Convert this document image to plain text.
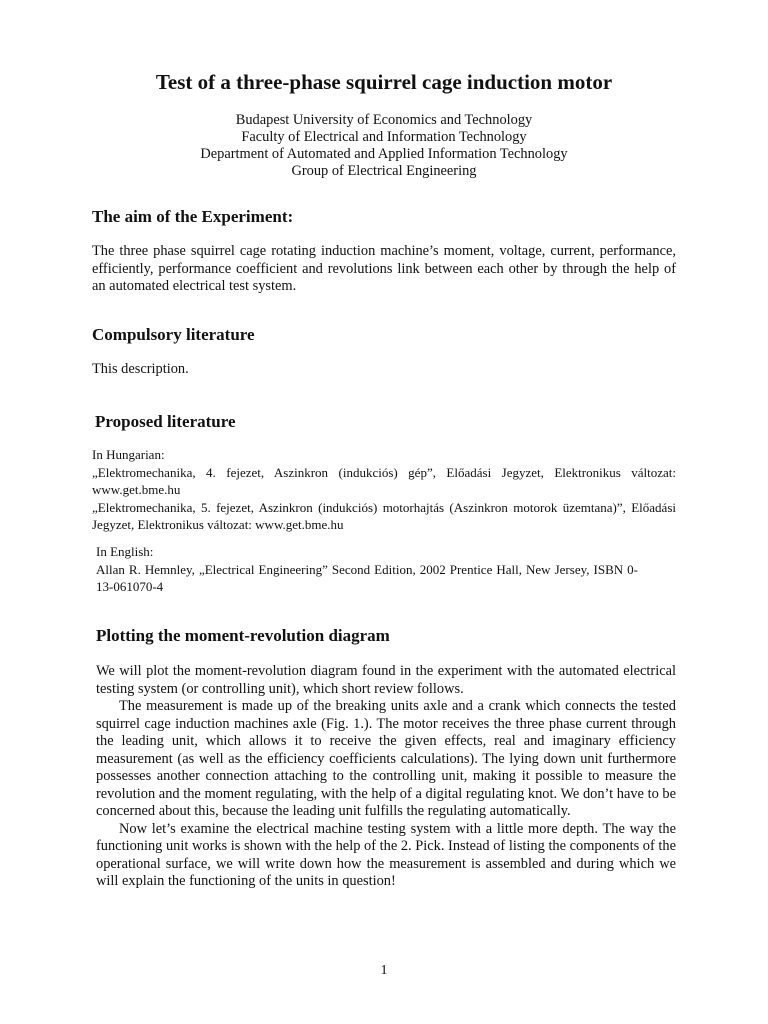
Test of a three-phase squirrel cage induction motor
Budapest University of Economics and Technology
Faculty of Electrical and Information Technology
Department of Automated and Applied Information Technology
Group of Electrical Engineering
The aim of the Experiment:

The three phase squirrel cage rotating induction machine’s moment, voltage, current, performance, efficiently, performance coefficient and revolutions link between each other by through the help of an automated electrical test system.

Compulsory literature

This description.

Proposed literature
In Hungarian:
„Elektromechanika, 4. fejezet, Aszinkron (indukciós) gép”, Előadási Jegyzet, Elektronikus változat: www.get.bme.hu
„Elektromechanika, 5. fejezet, Aszinkron (indukciós) motorhajtás (Aszinkron motorok üzemtana)”, Előadási Jegyzet, Elektronikus változat: www.get.bme.hu
In English:
Allan R. Hemnley, „Electrical Engineering” Second Edition, 2002 Prentice Hall, New Jersey, ISBN 0-13-061070-4
Plotting the moment-revolution diagram
We will plot the moment-revolution diagram found in the experiment with the automated electrical testing system (or controlling unit), which short review follows.
The measurement is made up of the breaking units axle and a crank which connects the tested squirrel cage induction machines axle (Fig. 1.). The motor receives the three phase current through the leading unit, which allows it to receive the given effects, real and imaginary efficiency measurement (as well as the efficiency coefficients calculations). The lying down unit furthermore possesses another connection attaching to the controlling unit, making it possible to measure the revolution and the moment regulating, with the help of a digital regulating knot. We don’t have to be concerned about this, because the leading unit fulfills the regulating automatically.
Now let’s examine the electrical machine testing system with a little more depth. The way the functioning unit works is shown with the help of the 2. Pick. Instead of listing the components of the operational surface, we will write down how the measurement is assembled and during which we will explain the functioning of the units in question!
1
